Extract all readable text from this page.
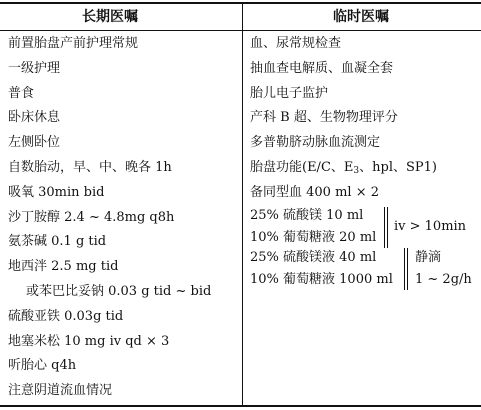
长期医嘱	临时医嘱
前置胎盘产前护理常规
一级护理
普食
卧床休息
左侧卧位
自数胎动，早、中、晚各 1h
吸氧 30min bid
沙丁胺醇 2.4 ~ 4.8mg q8h
氨茶碱 0.1 g tid
地西泮 2.5 mg tid
或苯巴比妥钠 0.03 g tid ~ bid
硫酸亚铁 0.03g tid
地塞米松 10 mg iv qd × 3
听胎心 q4h
注意阴道流血情况
血、尿常规检查
抽血查电解质、血凝全套
胎儿电子监护
产科 B 超、生物物理评分
多普勒脐动脉血流测定
胎盘功能(E/C、$E_3$、hpl、SP1)
备同型血 400 ml × 2
25% 硫酸镁 10 ml
10% 葡萄糖液 20 ml
iv > 10min
25% 硫酸镁液 40 ml
10% 葡萄糖液 1000 ml
静滴
1 ~ 2g/h
